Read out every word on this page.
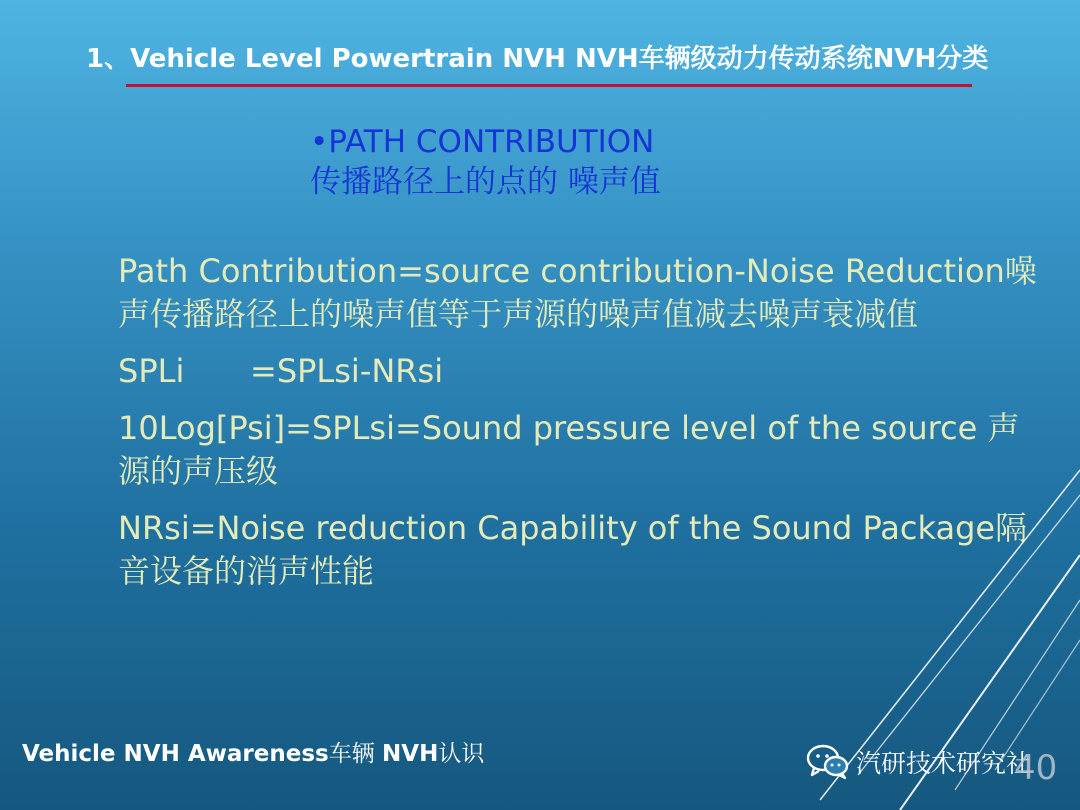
1、Vehicle Level Powertrain NVH NVH车辆级动力传动系统NVH分类
•PATH CONTRIBUTION
传播路径上的点的 噪声值

Path Contribution=source contribution-Noise Reduction噪声传播路径上的噪声值等于声源的噪声值减去噪声衰减值

SPLi =SPLsi-NRsi

10Log[Psi]=SPLsi=Sound pressure level of the source 声源的声压级

NRsi=Noise reduction Capability of the Sound Package隔音设备的消声性能

Vehicle NVH Awareness车辆 NVH认识	汽研技术研究社
40
